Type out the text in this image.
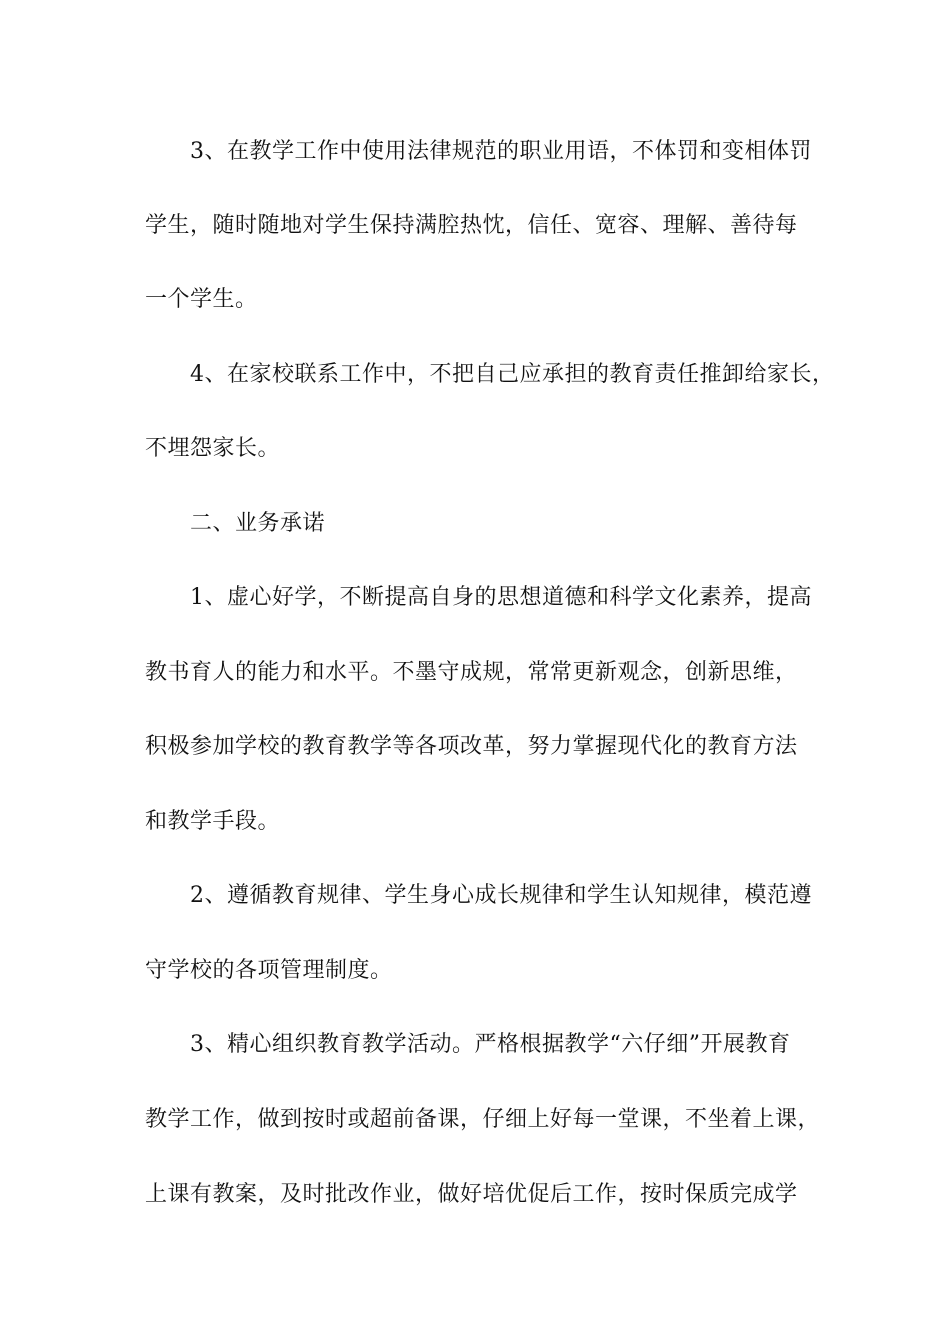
3、在教学工作中使用法律规范的职业用语，不体罚和变相体罚
学生，随时随地对学生保持满腔热忱，信任、宽容、理解、善待每
一个学生。
4、在家校联系工作中，不把自己应承担的教育责任推卸给家长，
不埋怨家长。
二、业务承诺
1、虚心好学，不断提高自身的思想道德和科学文化素养，提高
教书育人的能力和水平。不墨守成规，常常更新观念，创新思维，
积极参加学校的教育教学等各项改革，努力掌握现代化的教育方法
和教学手段。
2、遵循教育规律、学生身心成长规律和学生认知规律，模范遵
守学校的各项管理制度。
3、精心组织教育教学活动。严格根据教学“六仔细”开展教育
教学工作，做到按时或超前备课，仔细上好每一堂课，不坐着上课，
上课有教案，及时批改作业，做好培优促后工作，按时保质完成学
